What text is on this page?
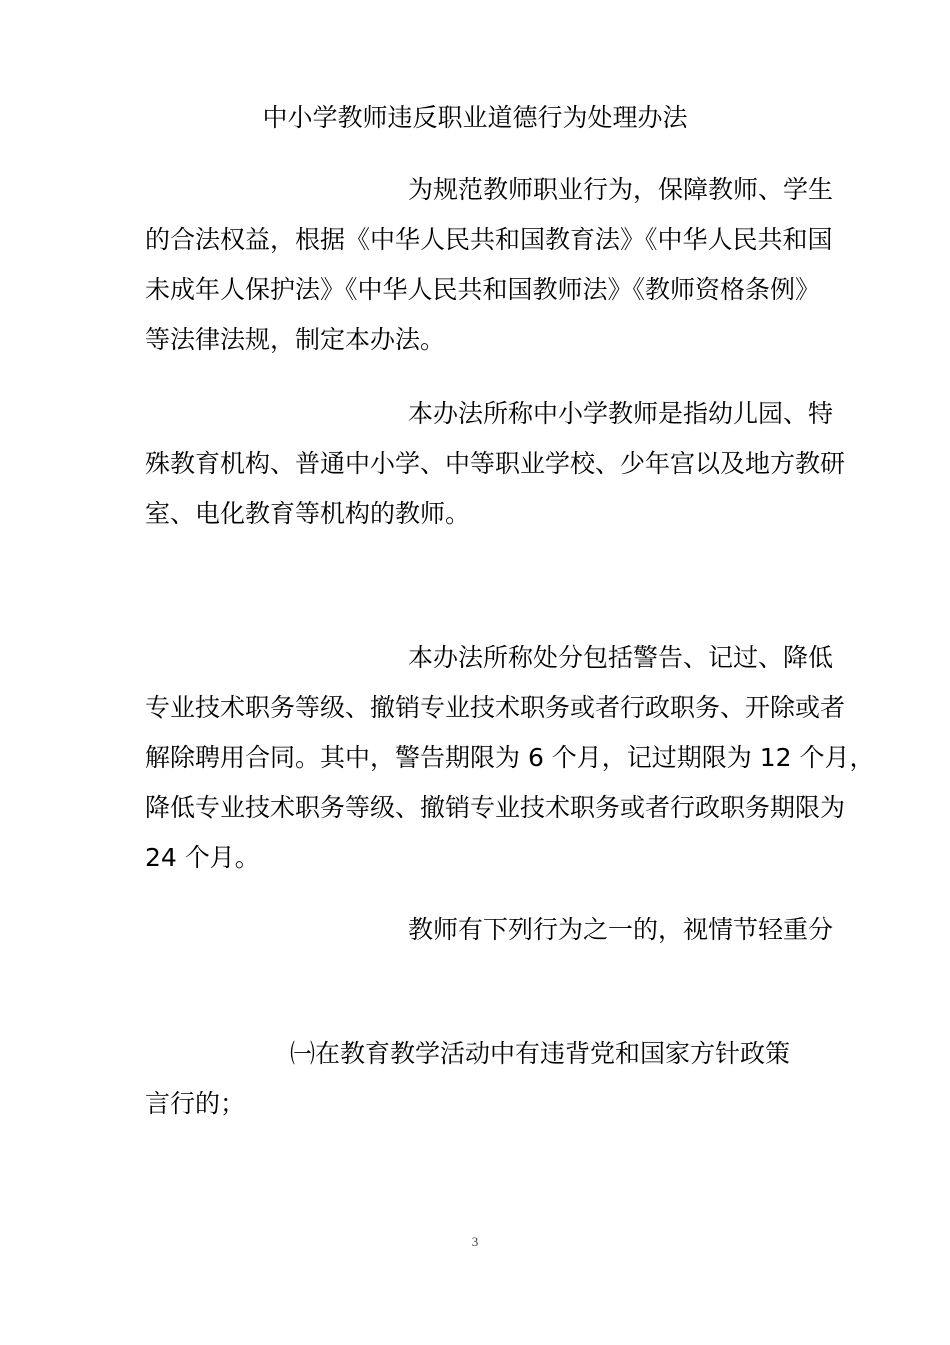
中小学教师违反职业道德行为处理办法
为规范教师职业行为，保障教师、学生
的合法权益，根据《中华人民共和国教育法》《中华人民共和国
未成年人保护法》《中华人民共和国教师法》《教师资格条例》
等法律法规，制定本办法。
本办法所称中小学教师是指幼儿园、特
殊教育机构、普通中小学、中等职业学校、少年宫以及地方教研
室、电化教育等机构的教师。
本办法所称处分包括警告、记过、降低
专业技术职务等级、撤销专业技术职务或者行政职务、开除或者
解除聘用合同。其中，警告期限为 6 个月，记过期限为 12 个月，
降低专业技术职务等级、撤销专业技术职务或者行政职务期限为
24 个月。
教师有下列行为之一的，视情节轻重分
㈠在教育教学活动中有违背党和国家方针政策
言行的；
3
